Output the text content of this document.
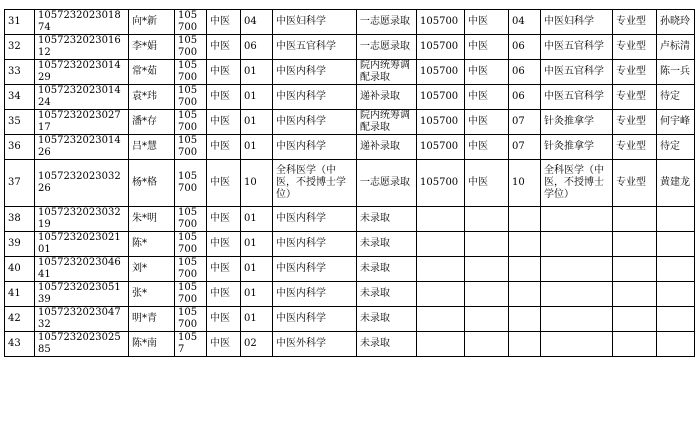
31	105723202301874	向*新	105700	中医	04	中医妇科学	一志愿录取	105700	中医	04	中医妇科学	专业型	孙晓玲
32	105723202301612	李*娟	105700	中医	06	中医五官科学	一志愿录取	105700	中医	06	中医五官科学	专业型	卢标清
33	105723202301429	常*茹	105700	中医	01	中医内科学	院内统筹调配录取	105700	中医	06	中医五官科学	专业型	陈一兵
34	105723202301424	袁*玮	105700	中医	01	中医内科学	递补录取	105700	中医	06	中医五官科学	专业型	待定
35	105723202302717	潘*存	105700	中医	01	中医内科学	院内统筹调配录取	105700	中医	07	针灸推拿学	专业型	何宇峰
36	105723202301426	吕*慧	105700	中医	01	中医内科学	递补录取	105700	中医	07	针灸推拿学	专业型	待定
37	105723202303226	杨*格	105700	中医	10	全科医学（中医，不授博士学位）	一志愿录取	105700	中医	10	全科医学（中医，不授博士学位）	专业型	黄建龙
38	105723202303219	朱*明	105700	中医	01	中医内科学	未录取						
39	105723202302101	陈*	105700	中医	01	中医内科学	未录取						
40	105723202304641	刘*	105700	中医	01	中医内科学	未录取						
41	105723202305139	张*	105700	中医	01	中医内科学	未录取						
42	105723202304732	明*青	105700	中医	01	中医内科学	未录取						
43	105723202302585	陈*南	1057	中医	02	中医外科学	未录取						
